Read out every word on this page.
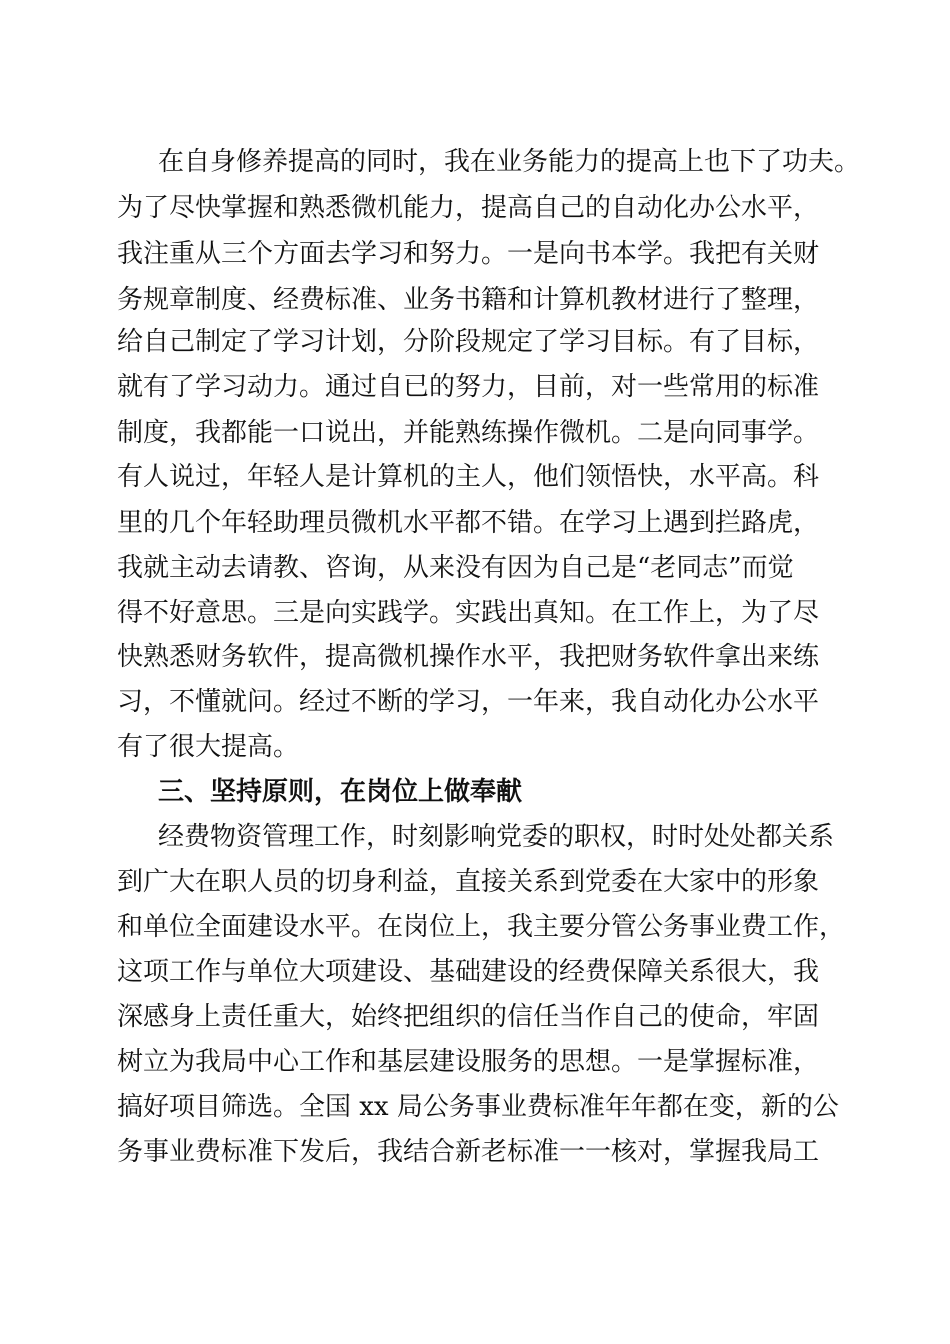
在自身修养提高的同时，我在业务能力的提高上也下了功夫。
为了尽快掌握和熟悉微机能力，提高自己的自动化办公水平，
我注重从三个方面去学习和努力。一是向书本学。我把有关财
务规章制度、经费标准、业务书籍和计算机教材进行了整理，
给自己制定了学习计划，分阶段规定了学习目标。有了目标，
就有了学习动力。通过自已的努力，目前，对一些常用的标准
制度，我都能一口说出，并能熟练操作微机。二是向同事学。
有人说过，年轻人是计算机的主人，他们领悟快，水平高。科
里的几个年轻助理员微机水平都不错。在学习上遇到拦路虎，
我就主动去请教、咨询，从来没有因为自己是“老同志”而觉
得不好意思。三是向实践学。实践出真知。在工作上，为了尽
快熟悉财务软件，提高微机操作水平，我把财务软件拿出来练
习，不懂就问。经过不断的学习，一年来，我自动化办公水平
有了很大提高。
三、坚持原则，在岗位上做奉献
经费物资管理工作，时刻影响党委的职权，时时处处都关系
到广大在职人员的切身利益，直接关系到党委在大家中的形象
和单位全面建设水平。在岗位上，我主要分管公务事业费工作，
这项工作与单位大项建设、基础建设的经费保障关系很大，我
深感身上责任重大，始终把组织的信任当作自己的使命，牢固
树立为我局中心工作和基层建设服务的思想。一是掌握标准，
搞好项目筛选。全国 xx 局公务事业费标准年年都在变，新的公
务事业费标准下发后，我结合新老标准一一核对，掌握我局工
